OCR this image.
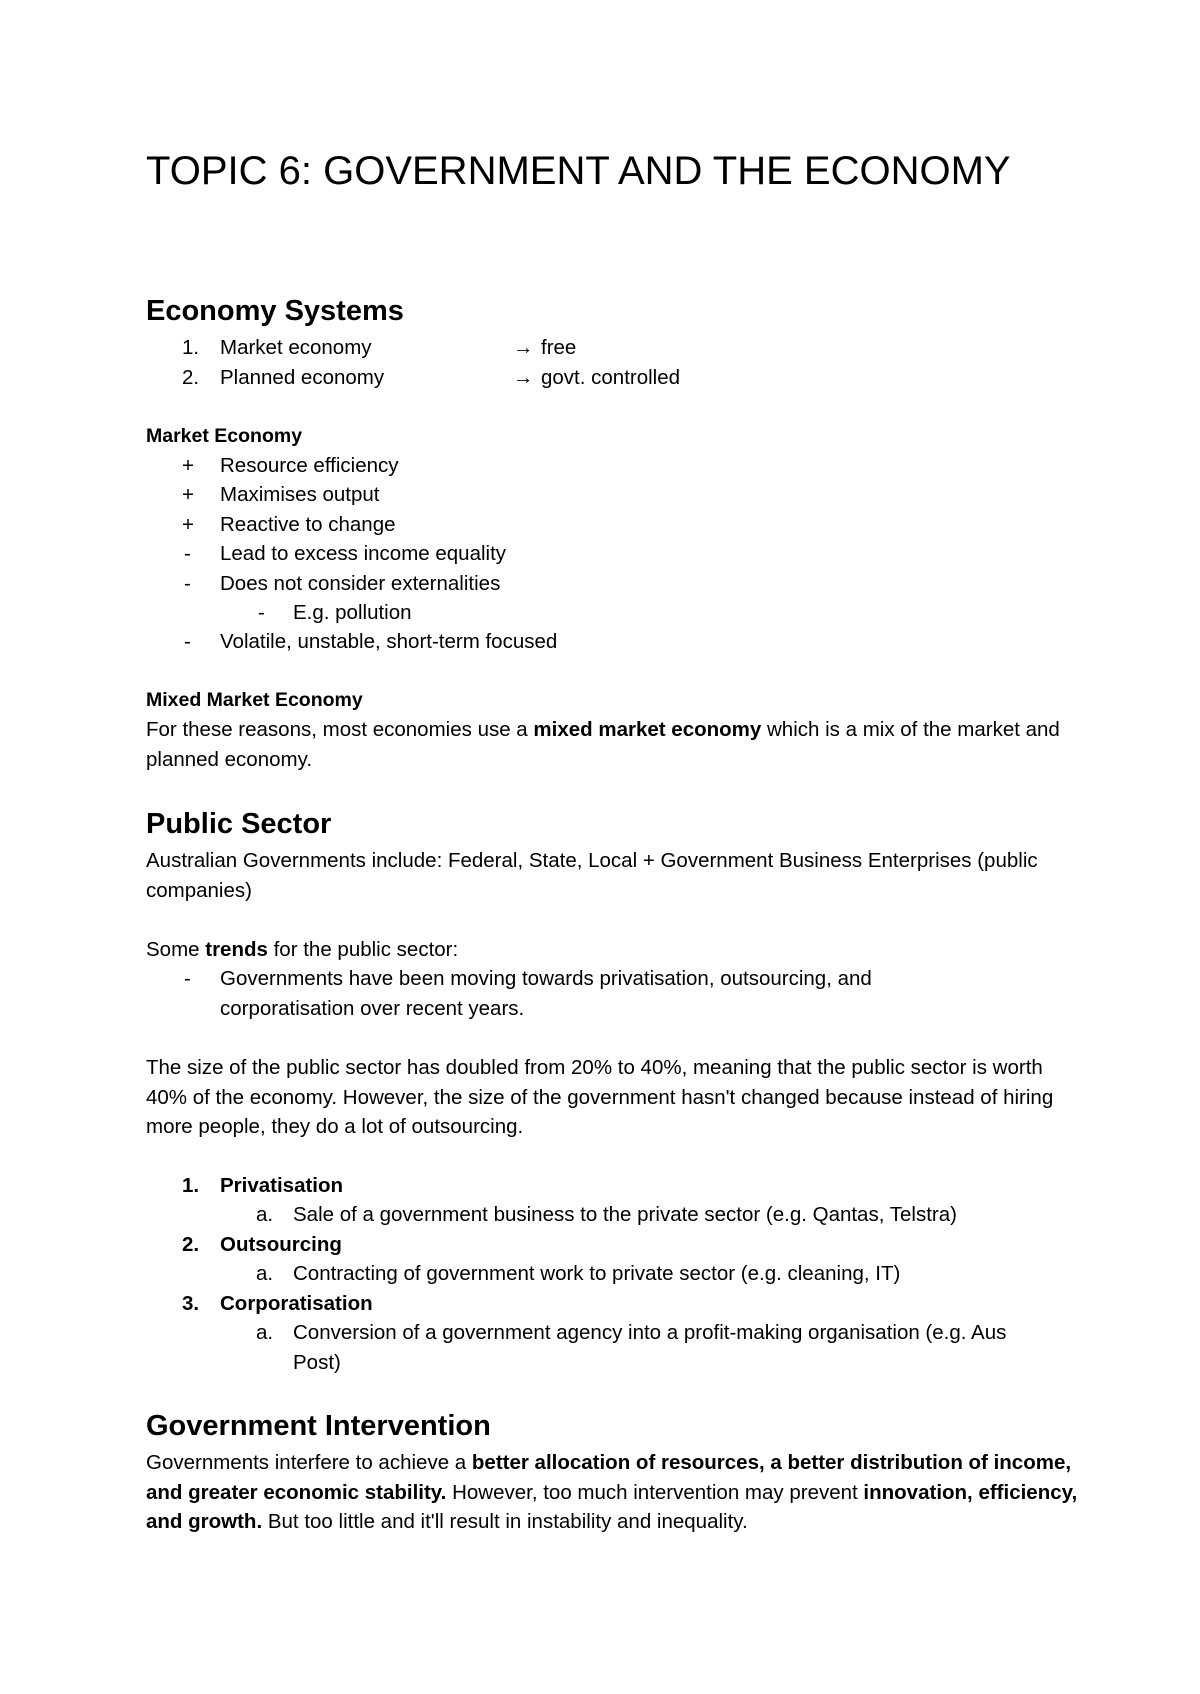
TOPIC 6: GOVERNMENT AND THE ECONOMY
Economy Systems
1. Market economy	→ free
2. Planned economy	→ govt. controlled
Market Economy
+ Resource efficiency
+ Maximises output
+ Reactive to change
- Lead to excess income equality
- Does not consider externalities
- E.g. pollution
- Volatile, unstable, short-term focused
Mixed Market Economy
For these reasons, most economies use a mixed market economy which is a mix of the market and planned economy.
Public Sector
Australian Governments include: Federal, State, Local + Government Business Enterprises (public companies)
Some trends for the public sector:
- Governments have been moving towards privatisation, outsourcing, and corporatisation over recent years.
The size of the public sector has doubled from 20% to 40%, meaning that the public sector is worth 40% of the economy. However, the size of the government hasn't changed because instead of hiring more people, they do a lot of outsourcing.
1. Privatisation
a. Sale of a government business to the private sector (e.g. Qantas, Telstra)
2. Outsourcing
a. Contracting of government work to private sector (e.g. cleaning, IT)
3. Corporatisation
a. Conversion of a government agency into a profit-making organisation (e.g. Aus Post)
Government Intervention
Governments interfere to achieve a better allocation of resources, a better distribution of income, and greater economic stability. However, too much intervention may prevent innovation, efficiency, and growth. But too little and it'll result in instability and inequality.
